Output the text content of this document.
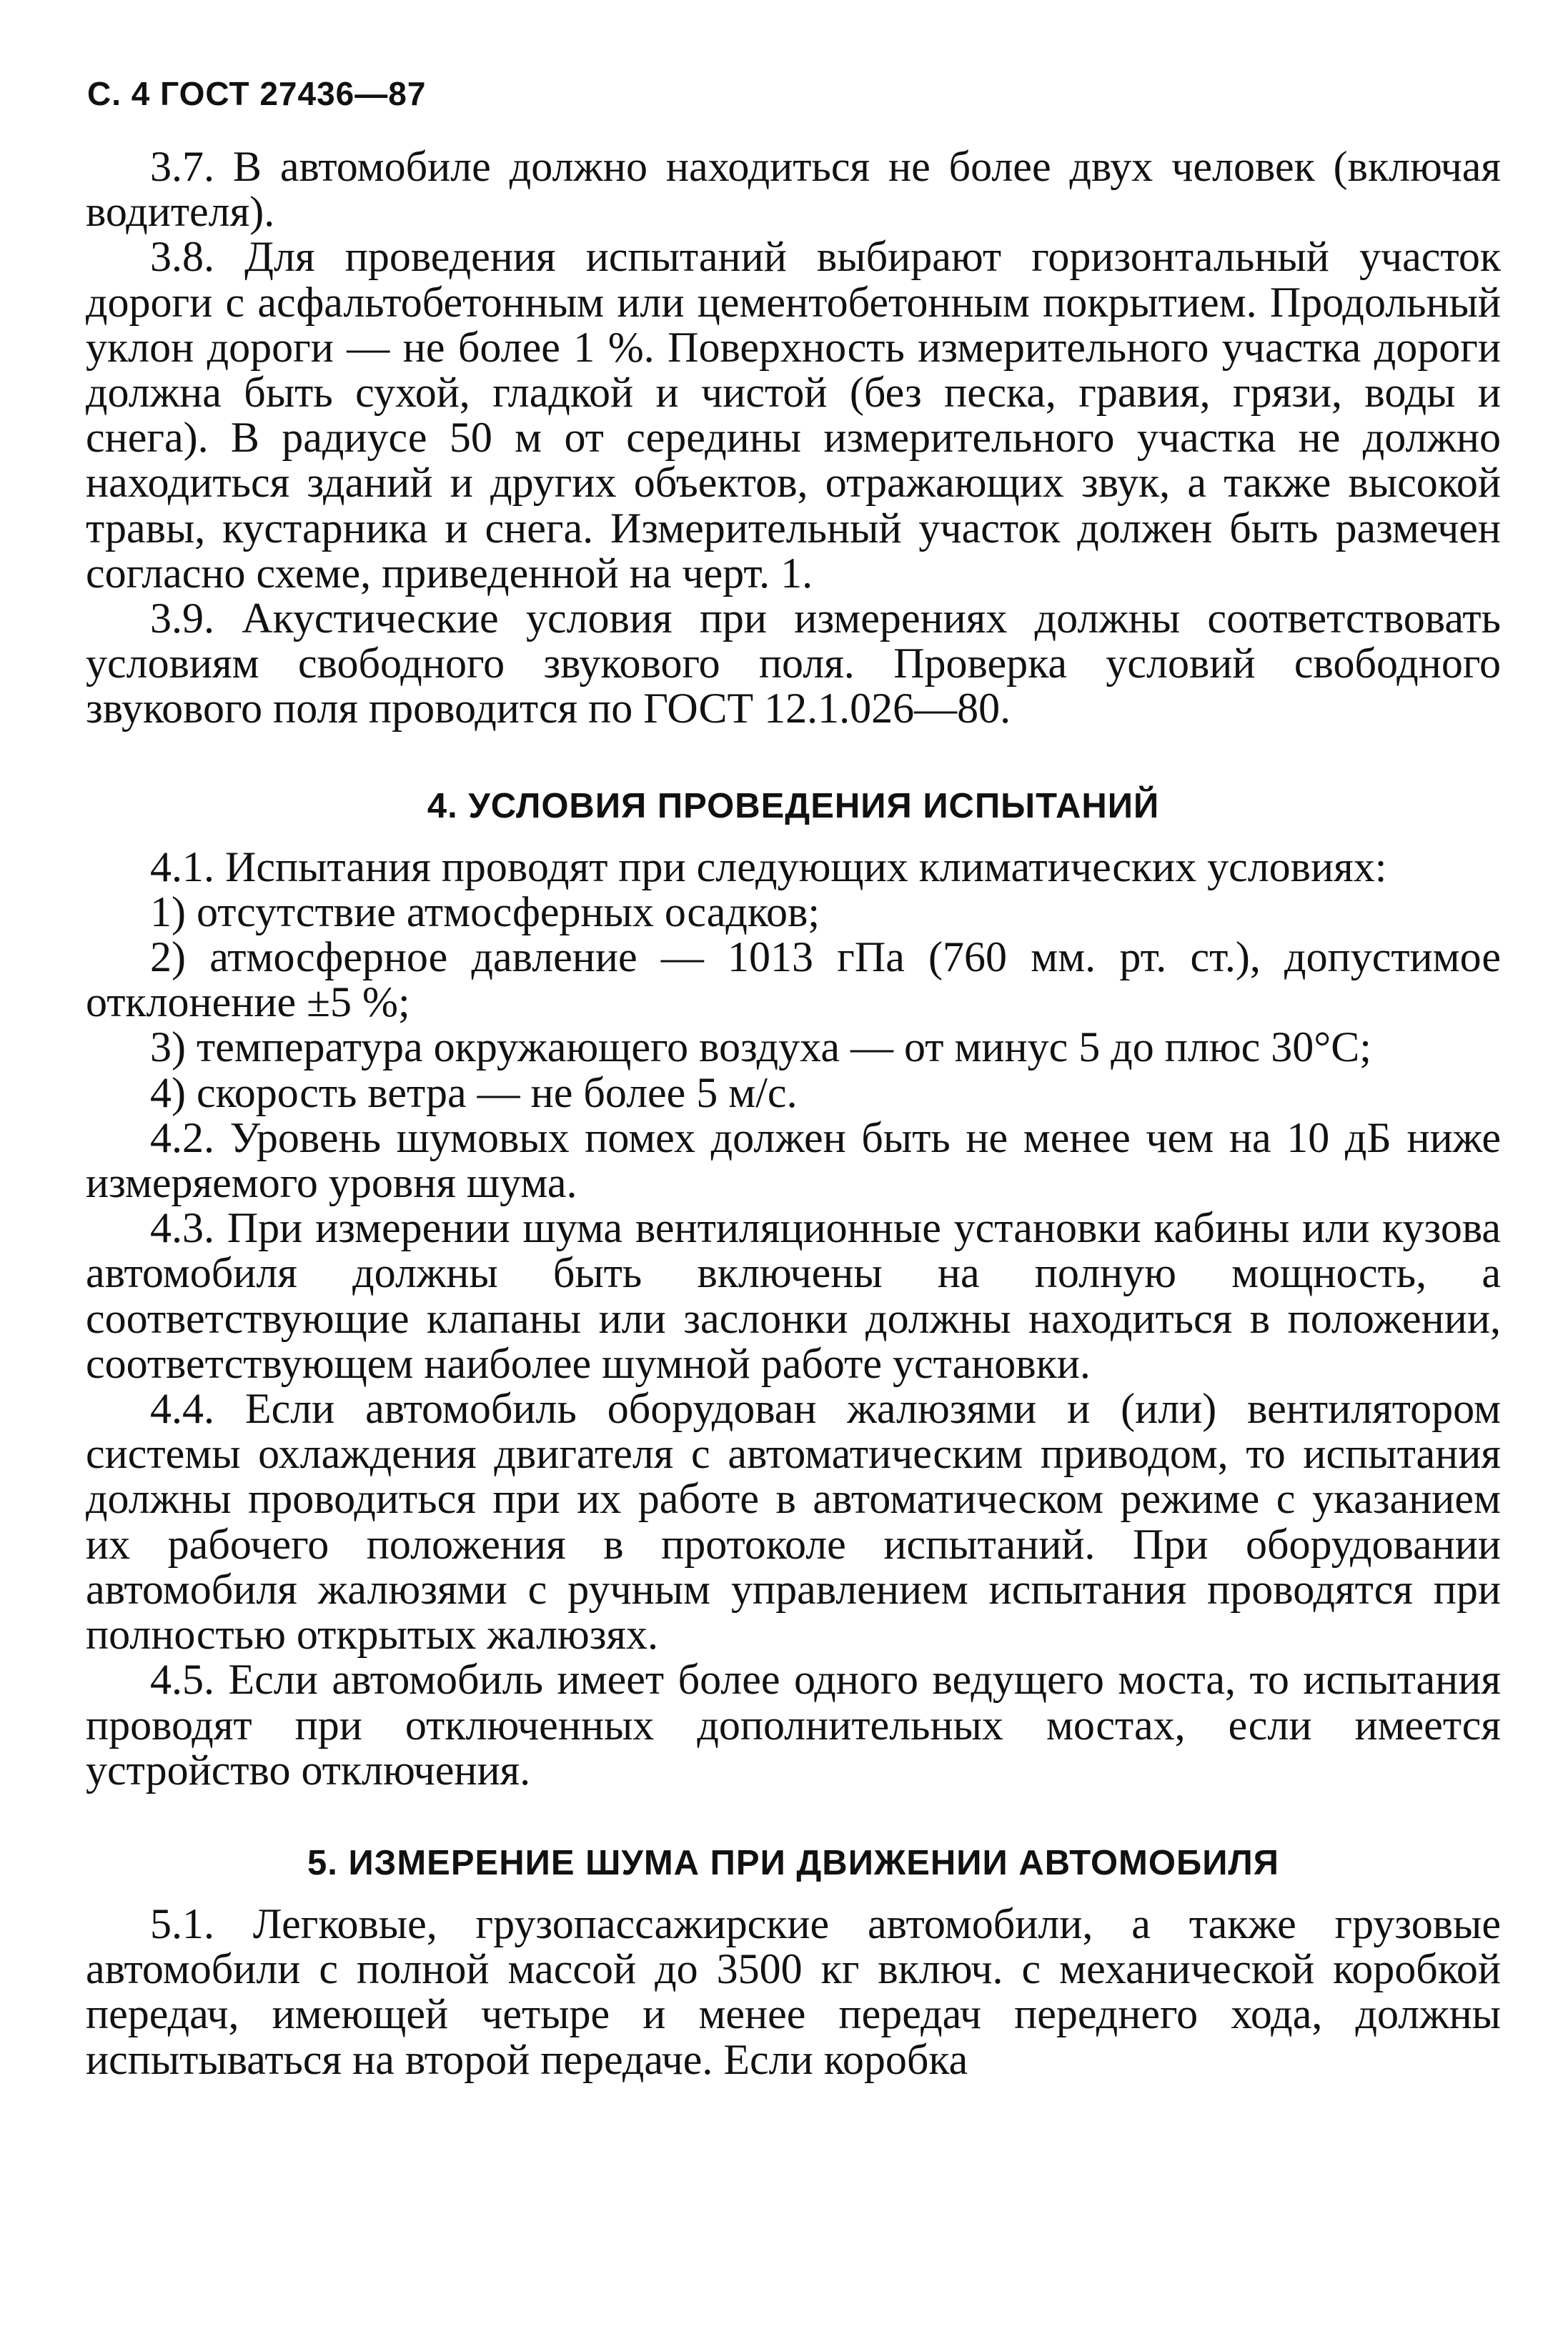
С. 4 ГОСТ 27436—87

3.7. В автомобиле должно находиться не более двух человек (включая водителя).

3.8. Для проведения испытаний выбирают горизонтальный участок дороги с асфальтобетонным или цементобетонным покрытием. Продольный уклон дороги — не более 1 %. Поверхность измерительного участка дороги должна быть сухой, гладкой и чистой (без песка, гравия, грязи, воды и снега). В радиусе 50 м от середины измерительного участка не должно находиться зданий и других объектов, отражающих звук, а также высокой травы, кустарника и снега. Измерительный участок должен быть размечен согласно схеме, приведенной на черт. 1.

3.9. Акустические условия при измерениях должны соответствовать условиям свободного звукового поля. Проверка условий свободного звукового поля проводится по ГОСТ 12.1.026—80.

4. УСЛОВИЯ ПРОВЕДЕНИЯ ИСПЫТАНИЙ

4.1. Испытания проводят при следующих климатических условиях:

1) отсутствие атмосферных осадков;

2) атмосферное давление — 1013 гПа (760 мм. рт. ст.), допустимое отклонение ±5 %;

3) температура окружающего воздуха — от минус 5 до плюс 30°С;

4) скорость ветра — не более 5 м/с.

4.2. Уровень шумовых помех должен быть не менее чем на 10 дБ ниже измеряемого уровня шума.

4.3. При измерении шума вентиляционные установки кабины или кузова автомобиля должны быть включены на полную мощность, а соответствующие клапаны или заслонки должны находиться в положении, соответствующем наиболее шумной работе установки.

4.4. Если автомобиль оборудован жалюзями и (или) вентилятором системы охлаждения двигателя с автоматическим приводом, то испытания должны проводиться при их работе в автоматическом режиме с указанием их рабочего положения в протоколе испытаний. При оборудовании автомобиля жалюзями с ручным управлением испытания проводятся при полностью открытых жалюзях.

4.5. Если автомобиль имеет более одного ведущего моста, то испытания проводят при отключенных дополнительных мостах, если имеется устройство отключения.

5. ИЗМЕРЕНИЕ ШУМА ПРИ ДВИЖЕНИИ АВТОМОБИЛЯ

5.1. Легковые, грузопассажирские автомобили, а также грузовые автомобили с полной массой до 3500 кг включ. с механической коробкой передач, имеющей четыре и менее передач переднего хода, должны испытываться на второй передаче. Если коробка
